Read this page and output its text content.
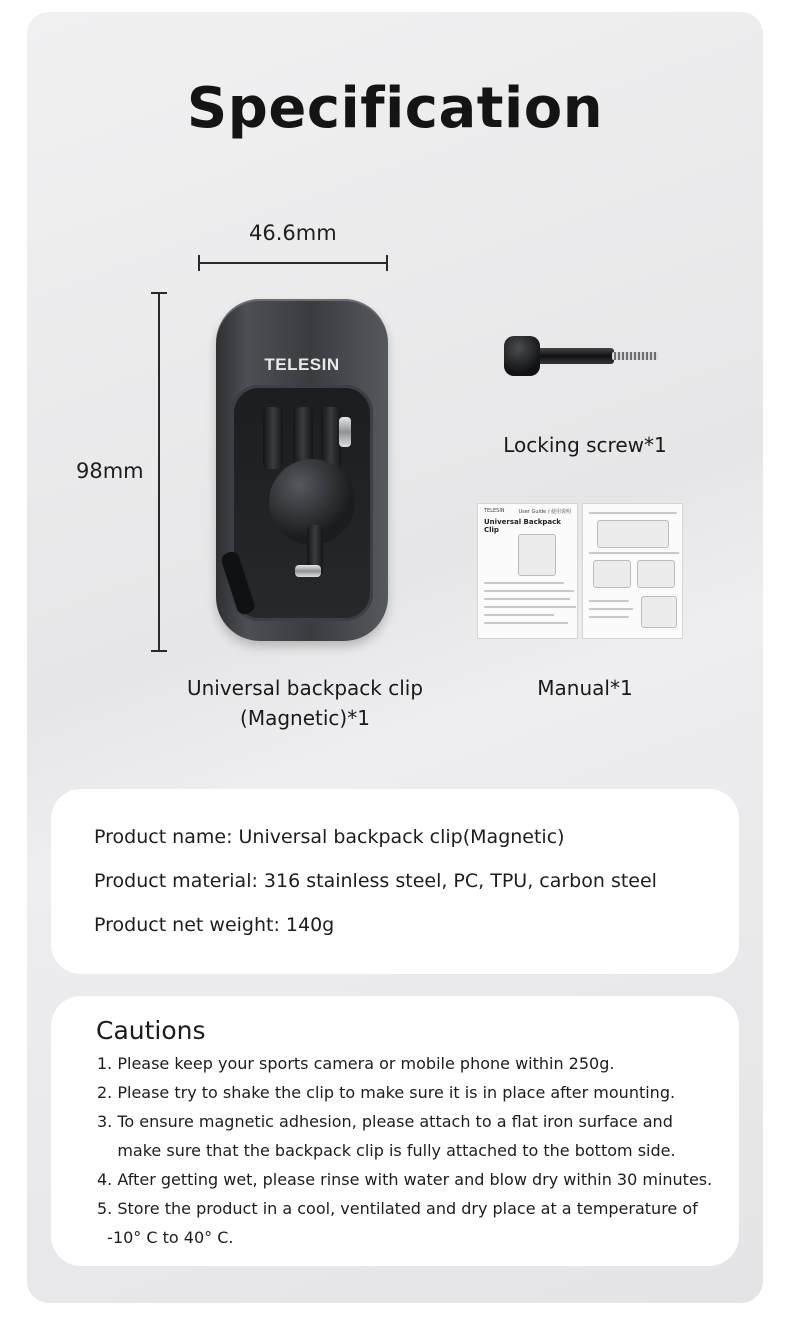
Specification
46.6mm
98mm
TELESIN
TELESIN	User Guide / 使用说明
Universal Backpack Clip
Locking screw*1
Universal backpack clip
(Magnetic)*1
Manual*1
Product name: Universal backpack clip(Magnetic)
Product material: 316 stainless steel, PC, TPU, carbon steel
Product net weight: 140g
Cautions
1. Please keep your sports camera or mobile phone within 250g.
2. Please try to shake the clip to make sure it is in place after mounting.
3. To ensure magnetic adhesion, please attach to a flat iron surface and
make sure that the backpack clip is fully attached to the bottom side.
4. After getting wet, please rinse with water and blow dry within 30 minutes.
5. Store the product in a cool, ventilated and dry place at a temperature of
-10° C to 40° C.
